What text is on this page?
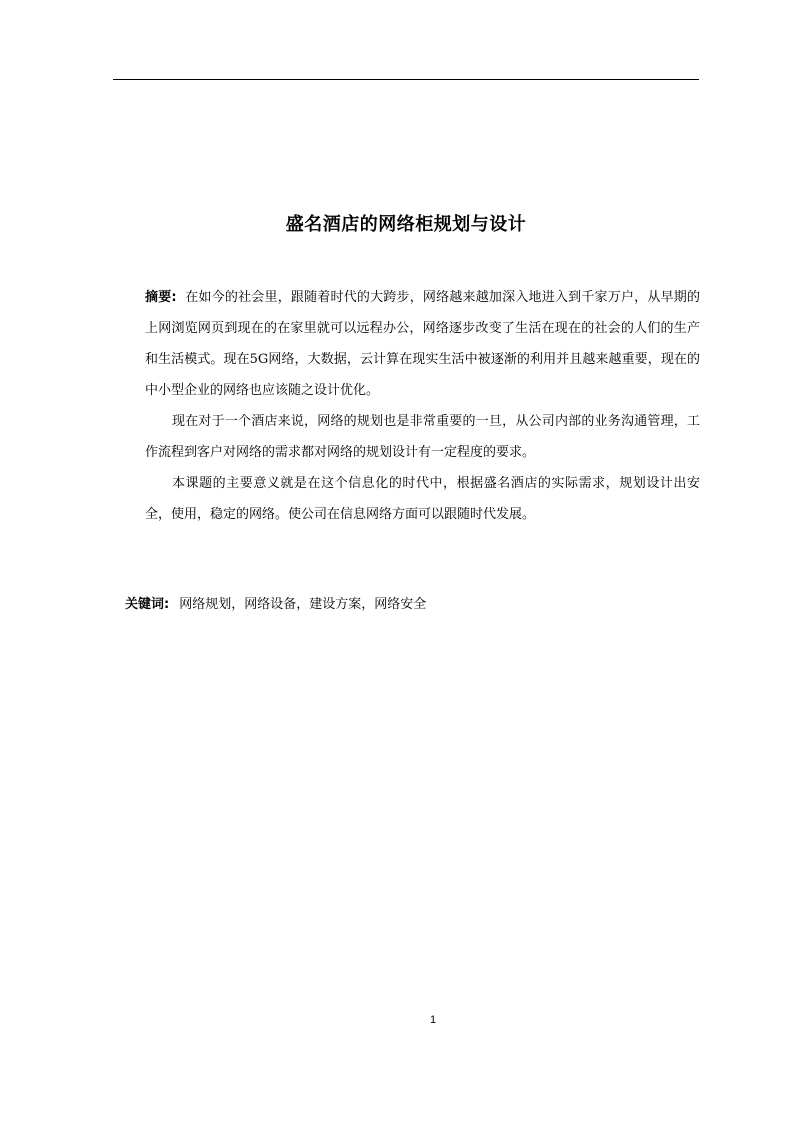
盛名酒店的网络柜规划与设计

摘要: 在如今的社会里，跟随着时代的大跨步，网络越来越加深入地进入到千家万户，从早期的上网浏览网页到现在的在家里就可以远程办公，网络逐步改变了生活在现在的社会的人们的生产和生活模式。现在5G网络，大数据，云计算在现实生活中被逐渐的利用并且越来越重要，现在的中小型企业的网络也应该随之设计优化。

现在对于一个酒店来说，网络的规划也是非常重要的一旦，从公司内部的业务沟通管理，工作流程到客户对网络的需求都对网络的规划设计有一定程度的要求。

本课题的主要意义就是在这个信息化的时代中，根据盛名酒店的实际需求，规划设计出安全，使用，稳定的网络。使公司在信息网络方面可以跟随时代发展。

关键词: 网络规划，网络设备，建设方案，网络安全
1
